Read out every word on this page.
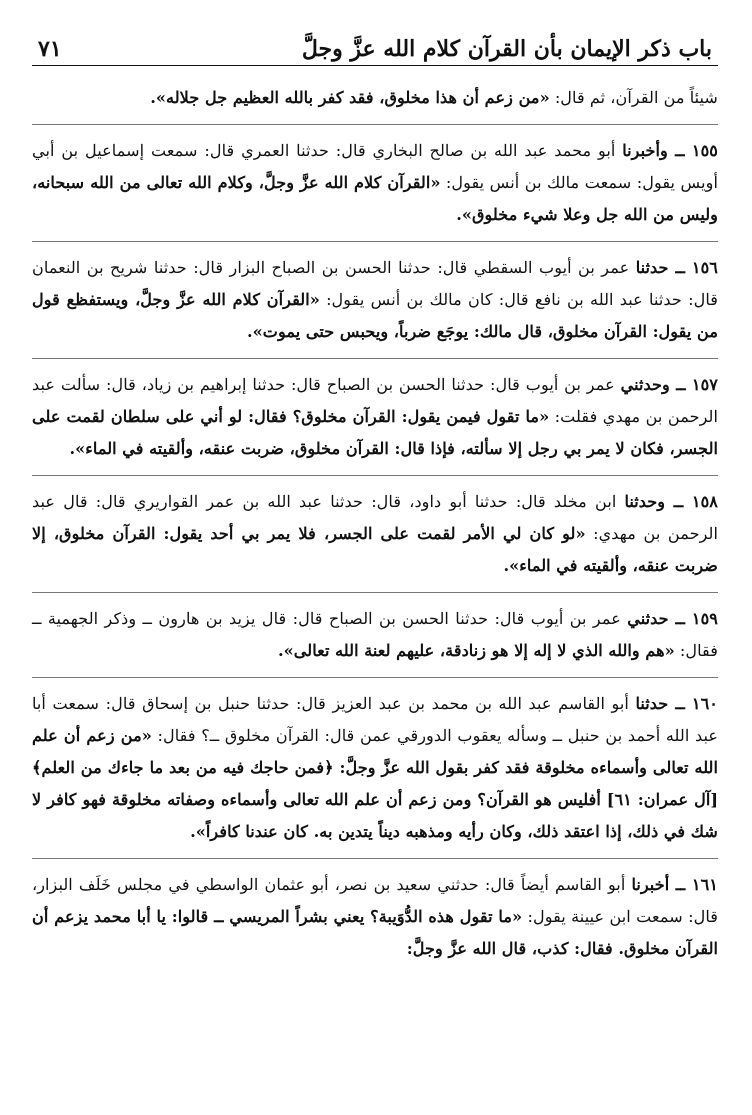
باب ذكر الإيمان بأن القرآن كلام الله عزَّ وجلَّ
٧١

شيئاً من القرآن، ثم قال: «من زعم أن هذا مخلوق، فقد كفر بالله العظيم جل جلاله».

١٥٥ ــ وأخبرنا أبو محمد عبد الله بن صالح البخاري قال: حدثنا العمري قال: سمعت إسماعيل بن أبي أويس يقول: سمعت مالك بن أنس يقول: «القرآن كلام الله عزَّ وجلَّ، وكلام الله تعالى من الله سبحانه، وليس من الله جل وعلا شيء مخلوق».

١٥٦ ــ حدثنا عمر بن أيوب السقطي قال: حدثنا الحسن بن الصباح البزار قال: حدثنا شريح بن النعمان قال: حدثنا عبد الله بن نافع قال: كان مالك بن أنس يقول: «القرآن كلام الله عزَّ وجلَّ، ويستفظع قول من يقول: القرآن مخلوق، قال مالك: يوجَع ضرباً، ويحبس حتى يموت».

١٥٧ ــ وحدثني عمر بن أيوب قال: حدثنا الحسن بن الصباح قال: حدثنا إبراهيم بن زياد، قال: سألت عبد الرحمن بن مهدي فقلت: «ما تقول فيمن يقول: القرآن مخلوق؟ فقال: لو أني على سلطان لقمت على الجسر، فكان لا يمر بي رجل إلا سألته، فإذا قال: القرآن مخلوق، ضربت عنقه، وألقيته في الماء».

١٥٨ ــ وحدثنا ابن مخلد قال: حدثنا أبو داود، قال: حدثنا عبد الله بن عمر القواريري قال: قال عبد الرحمن بن مهدي: «لو كان لي الأمر لقمت على الجسر، فلا يمر بي أحد يقول: القرآن مخلوق، إلا ضربت عنقه، وألقيته في الماء».

١٥٩ ــ حدثني عمر بن أيوب قال: حدثنا الحسن بن الصباح قال: قال يزيد بن هارون ــ وذكر الجهمية ــ فقال: «هم والله الذي لا إله إلا هو زنادقة، عليهم لعنة الله تعالى».

١٦٠ ــ حدثنا أبو القاسم عبد الله بن محمد بن عبد العزيز قال: حدثنا حنبل بن إسحاق قال: سمعت أبا عبد الله أحمد بن حنبل ــ وسأله يعقوب الدورقي عمن قال: القرآن مخلوق ــ؟ فقال: «من زعم أن علم الله تعالى وأسماءه مخلوقة فقد كفر بقول الله عزَّ وجلَّ: ﴿فمن حاجك فيه من بعد ما جاءك من العلم﴾ [آل عمران: ٦١] أفليس هو القرآن؟ ومن زعم أن علم الله تعالى وأسماءه وصفاته مخلوقة فهو كافر لا شك في ذلك، إذا اعتقد ذلك، وكان رأيه ومذهبه ديناً يتدين به. كان عندنا كافراً».

١٦١ ــ أخبرنا أبو القاسم أيضاً قال: حدثني سعيد بن نصر، أبو عثمان الواسطي في مجلس خَلَف البزار، قال: سمعت ابن عيينة يقول: «ما تقول هذه الدُّوَيبة؟ يعني بشراً المريسي ــ قالوا: يا أبا محمد يزعم أن القرآن مخلوق. فقال: كذب، قال الله عزَّ وجلَّ:
